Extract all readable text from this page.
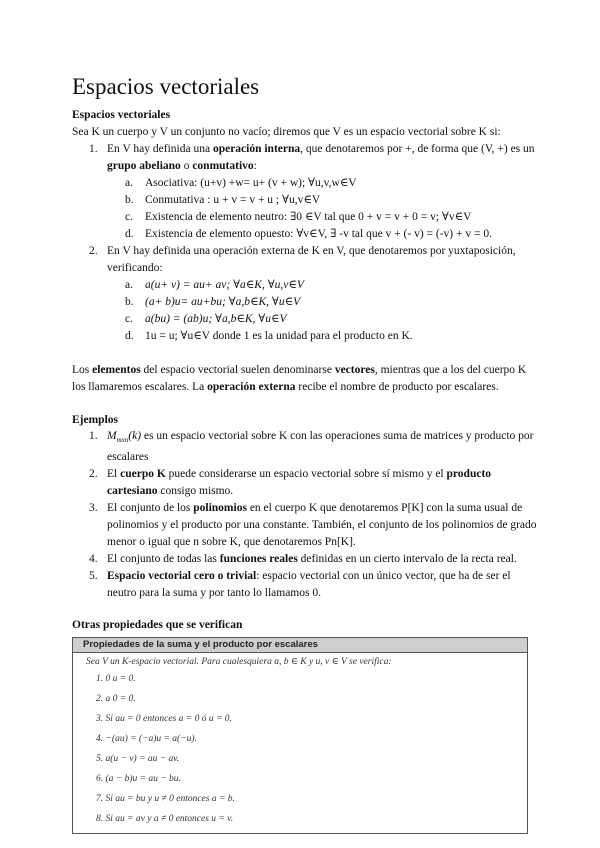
Espacios vectoriales
Espacios vectoriales

Sea K un cuerpo y V un conjunto no vacío; diremos que V es un espacio vectorial sobre K si:

1. En V hay definida una operación interna, que denotaremos por +, de forma que (V, +) es un grupo abeliano o conmutativo:
a. Asociativa: (u+v) +w= u+ (v + w); ∀u,v,w∈V
b. Conmutativa : u + v = v + u ; ∀u,v∈V
c. Existencia de elemento neutro: ∃0 ∈V tal que 0 + v = v + 0 = v; ∀v∈V
d. Existencia de elemento opuesto: ∀v∈V, ∃ -v tal que v + (- v) = (-v) + v = 0.
2. En V hay definida una operación externa de K en V, que denotaremos por yuxtaposición, verificando:
a. a(u+ v) = au+ av; ∀a∈K, ∀u,v∈V
b. (a+ b)u= au+bu; ∀a,b∈K, ∀u∈V
c. a(bu) = (ab)u; ∀a,b∈K, ∀u∈V
d. 1u = u; ∀u∈V donde 1 es la unidad para el producto en K.

Los elementos del espacio vectorial suelen denominarse vectores, mientras que a los del cuerpo K los llamaremos escalares. La operación externa recibe el nombre de producto por escalares.

Ejemplos
1. $M_{mxn}(k)$ es un espacio vectorial sobre K con las operaciones suma de matrices y producto por escalares
2. El cuerpo K puede considerarse un espacio vectorial sobre sí mismo y el producto cartesiano consigo mismo.
3. El conjunto de los polinomios en el cuerpo K que denotaremos P[K] con la suma usual de polinomios y el producto por una constante. También, el conjunto de los polinomios de grado menor o igual que n sobre K, que denotaremos Pn[K].
4. El conjunto de todas las funciones reales definidas en un cierto intervalo de la recta real.
5. Espacio vectorial cero o trivial: espacio vectorial con un único vector, que ha de ser el neutro para la suma y por tanto lo llamamos 0.
Otras propiedades que se verifican
Propiedades de la suma y el producto por escalares
Sea V un K-espacio vectorial. Para cualesquiera a, b ∈ K y u, v ∈ V se verifica:
1. 0 u = 0.
2. a 0 = 0.
3. Si au = 0 entonces a = 0 ó u = 0.
4. −(au) = (−a)u = a(−u).
5. a(u − v) = au − av.
6. (a − b)u = au − bu.
7. Si au = bu y u ≠ 0 entonces a = b.
8. Si au = av y a ≠ 0 entonces u = v.
